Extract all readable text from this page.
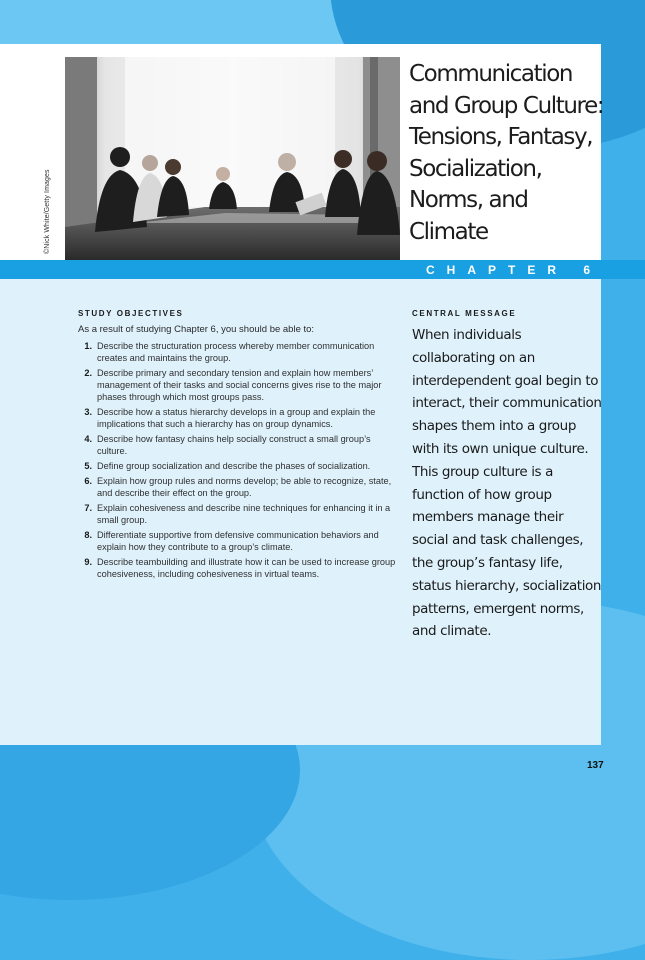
©Nick White/Getty Images
Communication and Group Culture: Tensions, Fantasy, Socialization, Norms, and Climate
CHAPTER 6
STUDY OBJECTIVES
As a result of studying Chapter 6, you should be able to:
1. Describe the structuration process whereby member communication creates and maintains the group.
2. Describe primary and secondary tension and explain how members’ management of their tasks and social concerns gives rise to the major phases through which most groups pass.
3. Describe how a status hierarchy develops in a group and explain the implications that such a hierarchy has on group dynamics.
4. Describe how fantasy chains help socially construct a small group’s culture.
5. Define group socialization and describe the phases of socialization.
6. Explain how group rules and norms develop; be able to recognize, state, and describe their effect on the group.
7. Explain cohesiveness and describe nine techniques for enhancing it in a small group.
8. Differentiate supportive from defensive communication behaviors and explain how they contribute to a group’s climate.
9. Describe teambuilding and illustrate how it can be used to increase group cohesiveness, including cohesiveness in virtual teams.
CENTRAL MESSAGE

When individuals collaborating on an interdependent goal begin to interact, their communication shapes them into a group with its own unique culture. This group culture is a function of how group members manage their social and task challenges, the group’s fantasy life, status hierarchy, socialization patterns, emergent norms, and climate.

137
